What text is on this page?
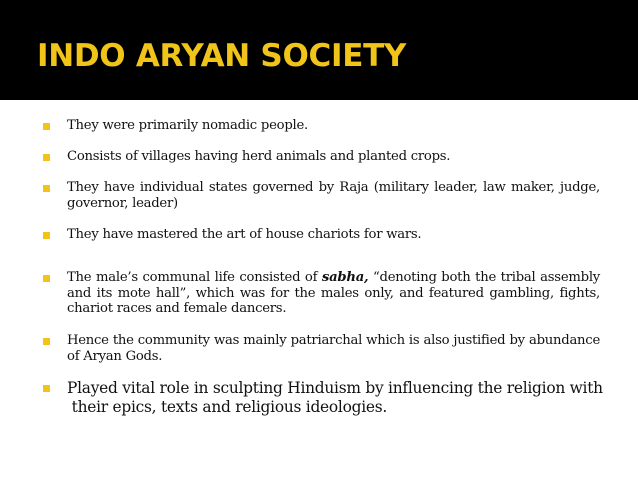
INDO ARYAN SOCIETY
They were primarily nomadic people.
Consists of villages having herd animals and planted crops.
They have individual states governed by Raja (military leader, law maker, judge, governor, leader)
They have mastered the art of house chariots for wars.
The male’s communal life consisted of sabha, “denoting both the tribal assembly and its mote hall”, which was for the males only, and featured gambling, fights, chariot races and female dancers.
Hence the community was mainly patriarchal which is also justified by abundance of Aryan Gods.
Played vital role in sculpting Hinduism by influencing the religion with
their epics, texts and religious ideologies.
